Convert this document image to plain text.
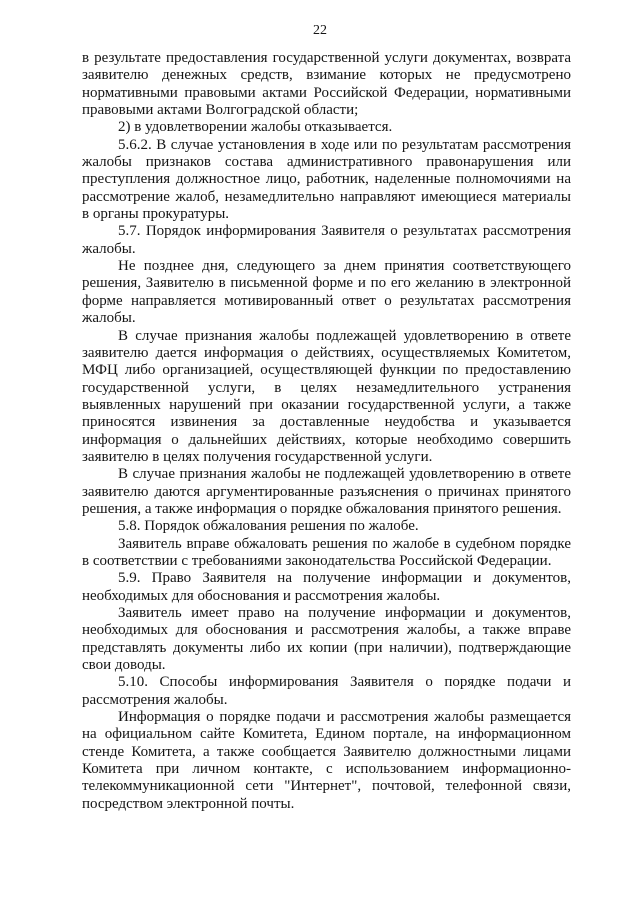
22

в результате предоставления государственной услуги документах, возврата заявителю денежных средств, взимание которых не предусмотрено нормативными правовыми актами Российской Федерации, нормативными правовыми актами Волгоградской области;

2) в удовлетворении жалобы отказывается.

5.6.2. В случае установления в ходе или по результатам рассмотрения жалобы признаков состава административного правонарушения или преступления должностное лицо, работник, наделенные полномочиями на рассмотрение жалоб, незамедлительно направляют имеющиеся материалы в органы прокуратуры.

5.7. Порядок информирования Заявителя о результатах рассмотрения жалобы.

Не позднее дня, следующего за днем принятия соответствующего решения, Заявителю в письменной форме и по его желанию в электронной форме направляется мотивированный ответ о результатах рассмотрения жалобы.

В случае признания жалобы подлежащей удовлетворению в ответе заявителю дается информация о действиях, осуществляемых Комитетом, МФЦ либо организацией, осуществляющей функции по предоставлению государственной услуги, в целях незамедлительного устранения выявленных нарушений при оказании государственной услуги, а также приносятся извинения за доставленные неудобства и указывается информация о дальнейших действиях, которые необходимо совершить заявителю в целях получения государственной услуги.

В случае признания жалобы не подлежащей удовлетворению в ответе заявителю даются аргументированные разъяснения о причинах принятого решения, а также информация о порядке обжалования принятого решения.

5.8. Порядок обжалования решения по жалобе.

Заявитель вправе обжаловать решения по жалобе в судебном порядке в соответствии с требованиями законодательства Российской Федерации.

5.9. Право Заявителя на получение информации и документов, необходимых для обоснования и рассмотрения жалобы.

Заявитель имеет право на получение информации и документов, необходимых для обоснования и рассмотрения жалобы, а также вправе представлять документы либо их копии (при наличии), подтверждающие свои доводы.

5.10. Способы информирования Заявителя о порядке подачи и рассмотрения жалобы.

Информация о порядке подачи и рассмотрения жалобы размещается на официальном сайте Комитета, Едином портале, на информационном стенде Комитета, а также сообщается Заявителю должностными лицами Комитета при личном контакте, с использованием информационно-телекоммуникационной сети "Интернет", почтовой, телефонной связи, посредством электронной почты.
